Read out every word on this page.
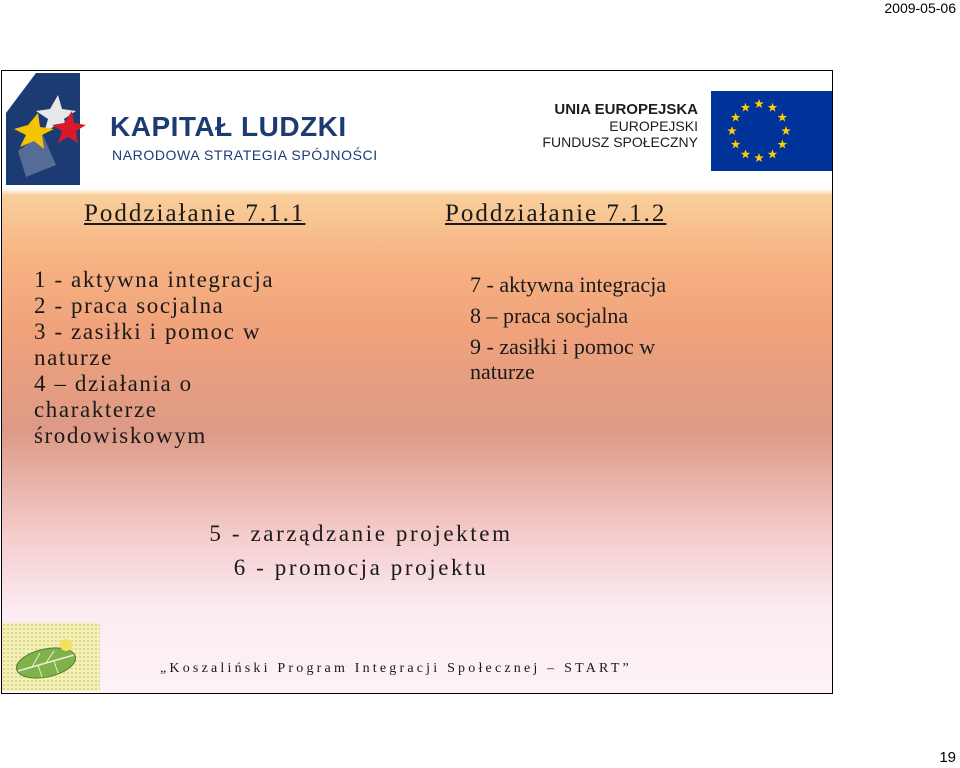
2009-05-06
KAPITAŁ LUDZKI
NARODOWA STRATEGIA SPÓJNOŚCI
UNIA EUROPEJSKA
EUROPEJSKI
FUNDUSZ SPOŁECZNY
Poddziałanie 7.1.1	Poddziałanie 7.1.2
1 - aktywna integracja
2 - praca socjalna
3 - zasiłki i pomoc w
naturze
4 – działania o
charakterze
środowiskowym
7 - aktywna integracja
8 – praca socjalna
9 - zasiłki i pomoc w
naturze
5 - zarządzanie projektem
6 - promocja projektu
„Koszaliński Program Integracji Społecznej – START”
19
